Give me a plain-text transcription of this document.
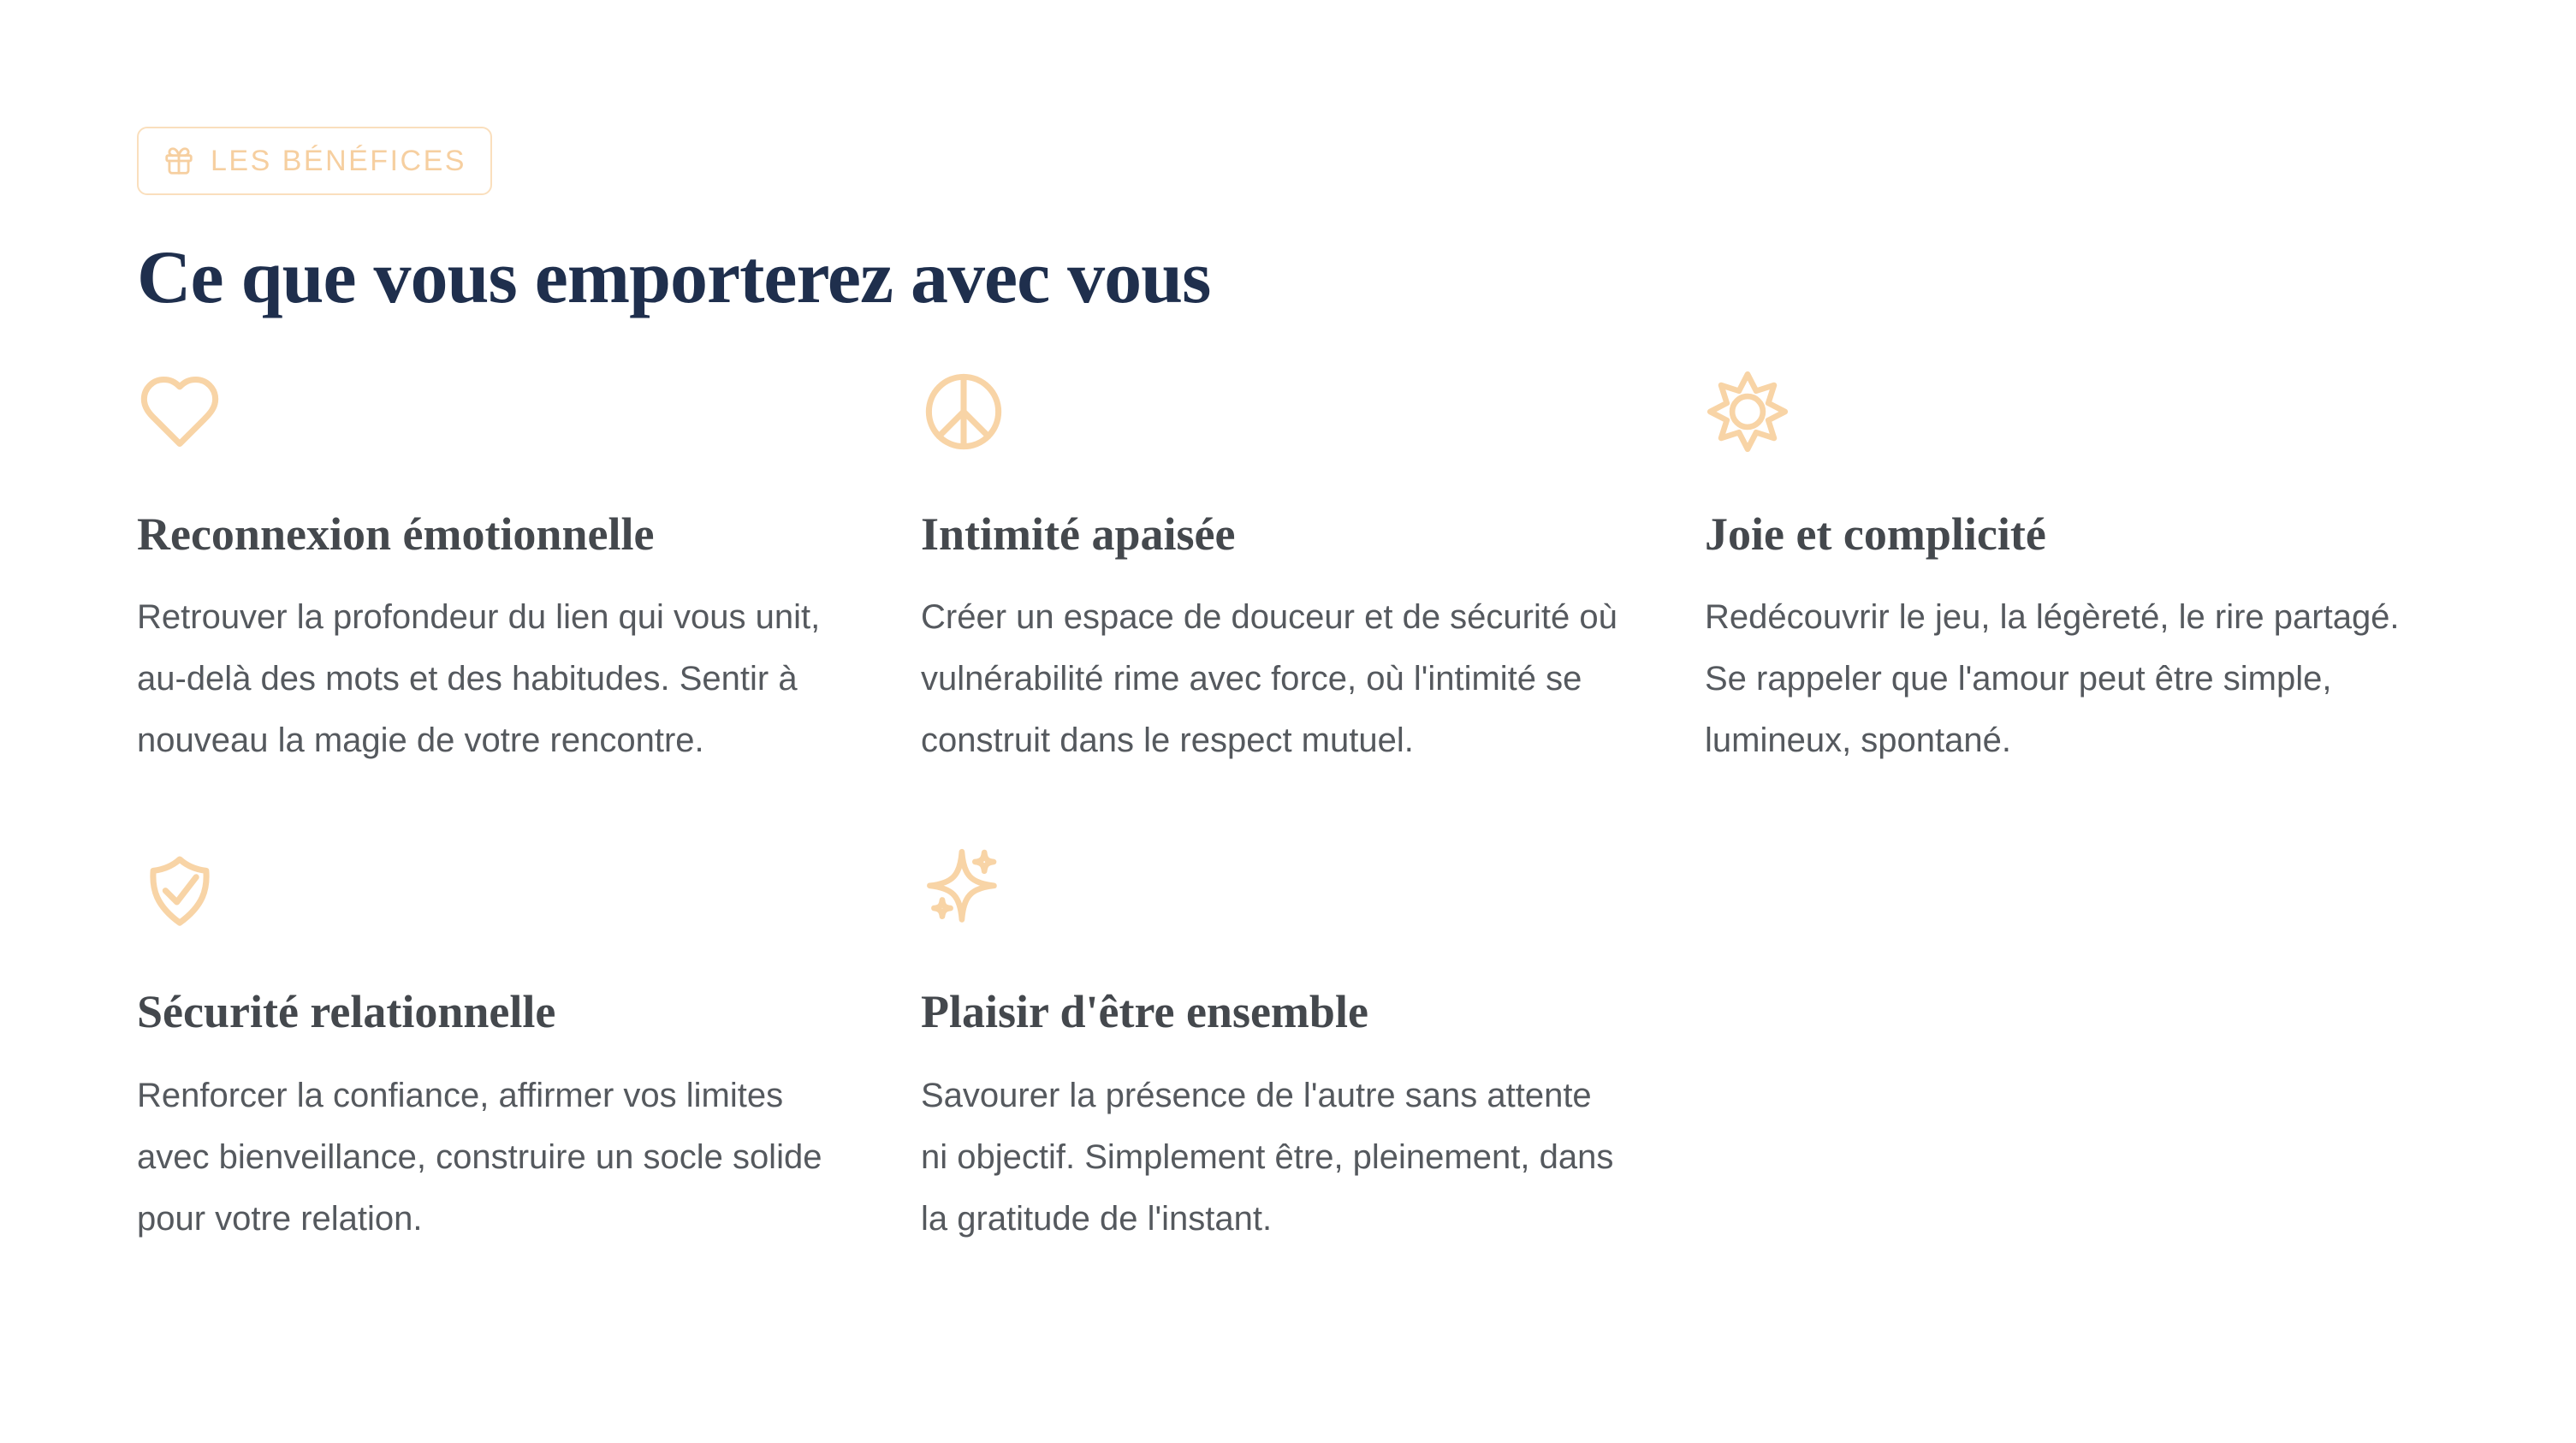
LES BÉNÉFICES
Ce que vous emporterez avec vous
Reconnexion émotionnelle

Retrouver la profondeur du lien qui vous unit, au-delà des mots et des habitudes. Sentir à nouveau la magie de votre rencontre.

Intimité apaisée

Créer un espace de douceur et de sécurité où vulnérabilité rime avec force, où l'intimité se construit dans le respect mutuel.

Joie et complicité

Redécouvrir le jeu, la légèreté, le rire partagé. Se rappeler que l'amour peut être simple, lumineux, spontané.

Sécurité relationnelle

Renforcer la confiance, affirmer vos limites avec bienveillance, construire un socle solide pour votre relation.

Plaisir d'être ensemble

Savourer la présence de l'autre sans attente ni objectif. Simplement être, pleinement, dans la gratitude de l'instant.
